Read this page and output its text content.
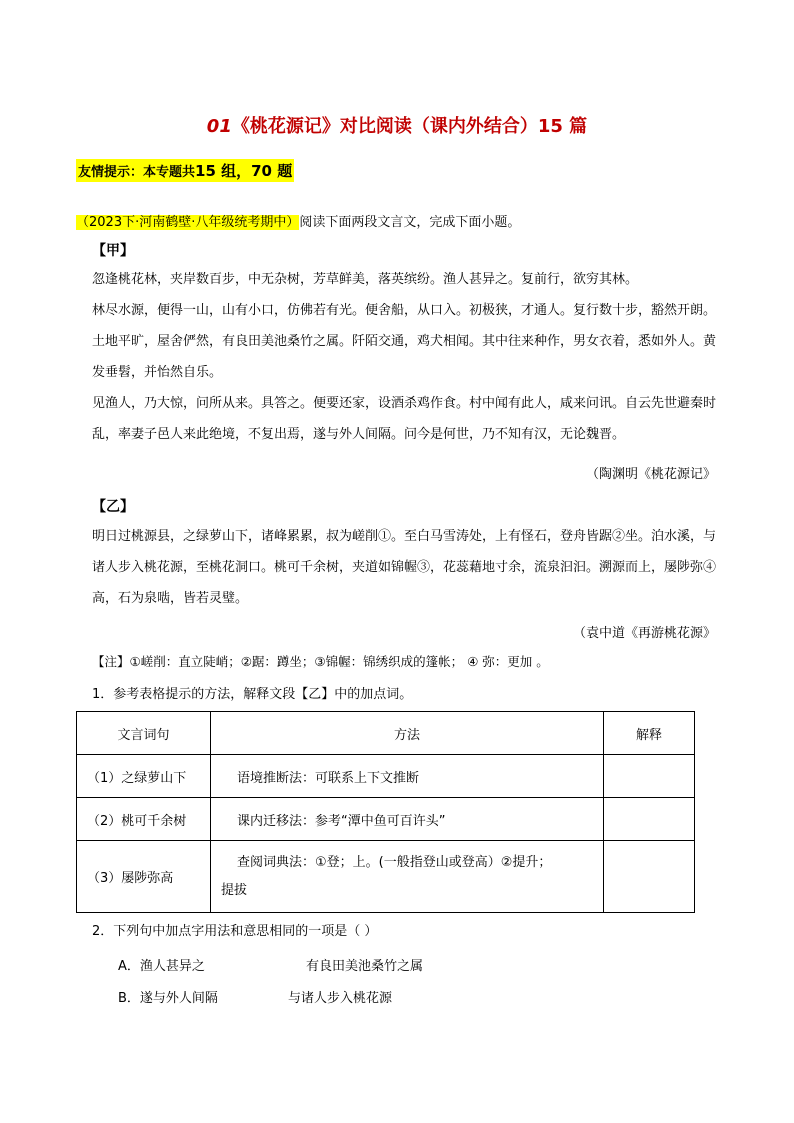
01《桃花源记》对比阅读（课内外结合）15 篇
友情提示：本专题共15 组，70 题
（2023下·河南鹤壁·八年级统考期中）阅读下面两段文言文，完成下面小题。
【甲】

忽逢桃花林，夹岸数百步，中无杂树，芳草鲜美，落英缤纷。渔人甚异之。复前行，欲穷其林。

林尽水源，便得一山，山有小口，仿佛若有光。便舍船，从口入。初极狭，才通人。复行数十步，豁然开朗。土地平旷，屋舍俨然，有良田美池桑竹之属。阡陌交通，鸡犬相闻。其中往来种作，男女衣着，悉如外人。黄发垂髫，并怡然自乐。

见渔人，乃大惊，问所从来。具答之。便要还家，设酒杀鸡作食。村中闻有此人，咸来问讯。自云先世避秦时乱，率妻子邑人来此绝境，不复出焉，遂与外人间隔。问今是何世，乃不知有汉，无论魏晋。

（陶渊明《桃花源记》
【乙】

明日过桃源县，之绿萝山下，诸峰累累，叔为嵯削①。至白马雪涛处，上有怪石，登舟皆踞②坐。泊水溪，与诸人步入桃花源，至桃花洞口。桃可千余树，夹道如锦幄③，花蕊藉地寸余，流泉汩汩。溯源而上，屡陟弥④高，石为泉啮，皆若灵璧。

（袁中道《再游桃花源》
【注】①嵯削：直立陡峭；②踞：蹲坐；③锦幄：锦绣织成的篷帐； ④ 弥：更加 。
1．参考表格提示的方法，解释文段【乙】中的加点词。
文言词句	方法	解释
（1）之绿萝山下	语境推断法：可联系上下文推断	
（2）桃可千余树	课内迁移法：参考“潭中鱼可百许头”	
（3）屡陟弥高	查阅词典法：①登；上。(一般指登山或登高）②提升；
提拔	

2．下列句中加点字用法和意思相同的一项是（ ）
A．渔人甚异之	有良田美池桑竹之属
B．遂与外人间隔	与诸人步入桃花源
